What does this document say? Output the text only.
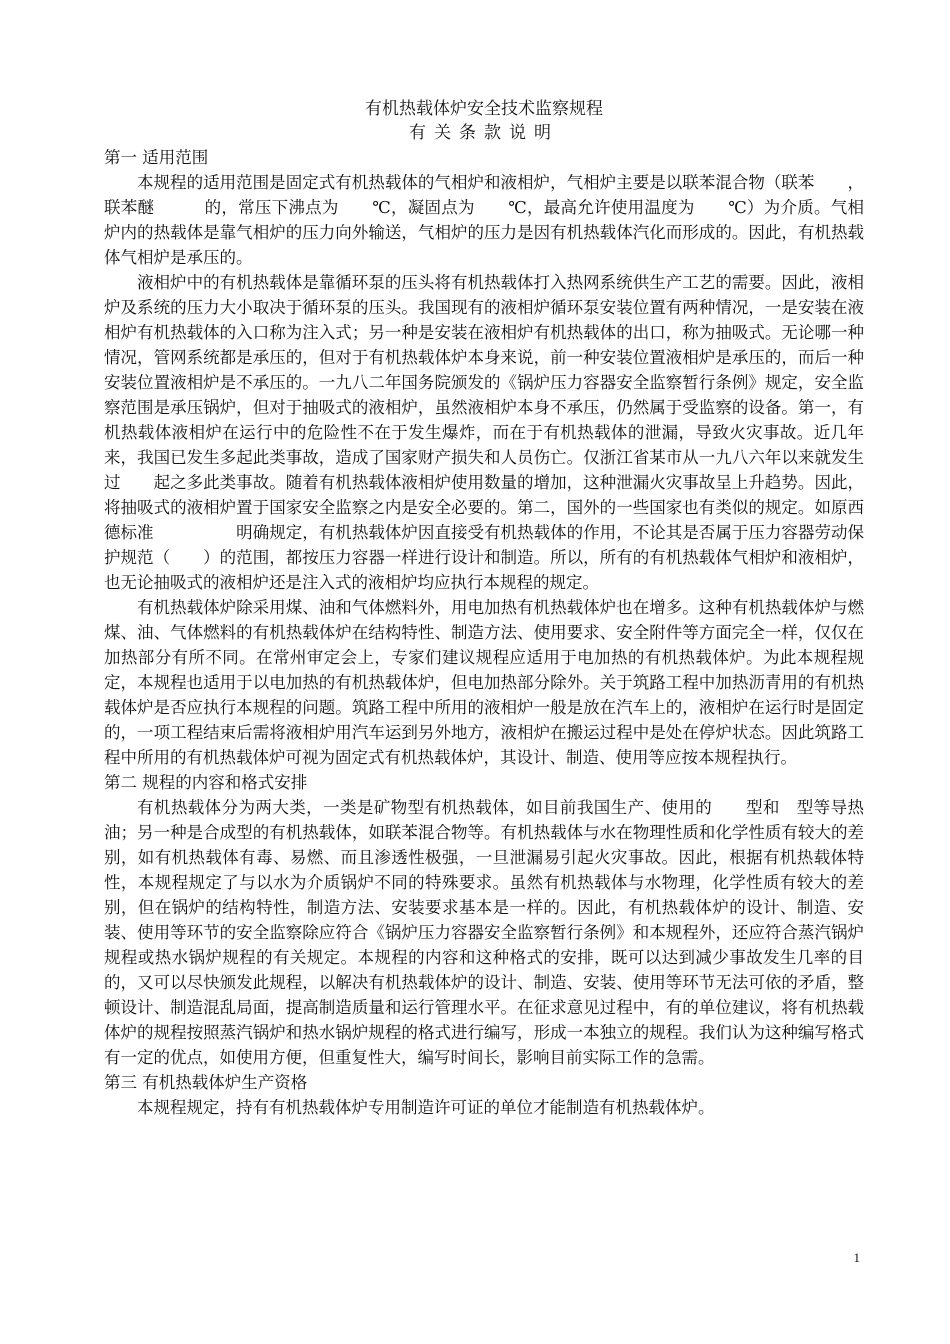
有机热载体炉安全技术监察规程
有关条款说明
第一 适用范围

本规程的适用范围是固定式有机热载体的气相炉和液相炉，气相炉主要是以联苯混合物（联苯　　，联苯醚　　　的，常压下沸点为　　℃，凝固点为　　℃，最高允许使用温度为　　℃）为介质。气相炉内的热载体是靠气相炉的压力向外输送，气相炉的压力是因有机热载体汽化而形成的。因此，有机热载体气相炉是承压的。

液相炉中的有机热载体是靠循环泵的压头将有机热载体打入热网系统供生产工艺的需要。因此，液相炉及系统的压力大小取决于循环泵的压头。我国现有的液相炉循环泵安装位置有两种情况，一是安装在液相炉有机热载体的入口称为注入式；另一种是安装在液相炉有机热载体的出口，称为抽吸式。无论哪一种情况，管网系统都是承压的，但对于有机热载体炉本身来说，前一种安装位置液相炉是承压的，而后一种安装位置液相炉是不承压的。一九八二年国务院颁发的《锅炉压力容器安全监察暂行条例》规定，安全监察范围是承压锅炉，但对于抽吸式的液相炉，虽然液相炉本身不承压，仍然属于受监察的设备。第一，有机热载体液相炉在运行中的危险性不在于发生爆炸，而在于有机热载体的泄漏，导致火灾事故。近几年来，我国已发生多起此类事故，造成了国家财产损失和人员伤亡。仅浙江省某市从一九八六年以来就发生过　　起之多此类事故。随着有机热载体液相炉使用数量的增加，这种泄漏火灾事故呈上升趋势。因此，将抽吸式的液相炉置于国家安全监察之内是安全必要的。第二，国外的一些国家也有类似的规定。如原西德标准　　　　　明确规定，有机热载体炉因直接受有机热载体的作用，不论其是否属于压力容器劳动保护规范（　　）的范围，都按压力容器一样进行设计和制造。所以，所有的有机热载体气相炉和液相炉，也无论抽吸式的液相炉还是注入式的液相炉均应执行本规程的规定。

有机热载体炉除采用煤、油和气体燃料外，用电加热有机热载体炉也在增多。这种有机热载体炉与燃煤、油、气体燃料的有机热载体炉在结构特性、制造方法、使用要求、安全附件等方面完全一样，仅仅在加热部分有所不同。在常州审定会上，专家们建议规程应适用于电加热的有机热载体炉。为此本规程规定，本规程也适用于以电加热的有机热载体炉，但电加热部分除外。关于筑路工程中加热沥青用的有机热载体炉是否应执行本规程的问题。筑路工程中所用的液相炉一般是放在汽车上的，液相炉在运行时是固定的，一项工程结束后需将液相炉用汽车运到另外地方，液相炉在搬运过程中是处在停炉状态。因此筑路工程中所用的有机热载体炉可视为固定式有机热载体炉，其设计、制造、使用等应按本规程执行。

第二 规程的内容和格式安排

有机热载体分为两大类，一类是矿物型有机热载体，如目前我国生产、使用的　　型和　型等导热油；另一种是合成型的有机热载体，如联苯混合物等。有机热载体与水在物理性质和化学性质有较大的差别，如有机热载体有毒、易燃、而且渗透性极强，一旦泄漏易引起火灾事故。因此，根据有机热载体特性，本规程规定了与以水为介质锅炉不同的特殊要求。虽然有机热载体与水物理，化学性质有较大的差别，但在锅炉的结构特性，制造方法、安装要求基本是一样的。因此，有机热载体炉的设计、制造、安装、使用等环节的安全监察除应符合《锅炉压力容器安全监察暂行条例》和本规程外，还应符合蒸汽锅炉规程或热水锅炉规程的有关规定。本规程的内容和这种格式的安排，既可以达到减少事故发生几率的目的，又可以尽快颁发此规程，以解决有机热载体炉的设计、制造、安装、使用等环节无法可依的矛盾，整顿设计、制造混乱局面，提高制造质量和运行管理水平。在征求意见过程中，有的单位建议，将有机热载体炉的规程按照蒸汽锅炉和热水锅炉规程的格式进行编写，形成一本独立的规程。我们认为这种编写格式有一定的优点，如使用方便，但重复性大，编写时间长，影响目前实际工作的急需。

第三 有机热载体炉生产资格

本规程规定，持有有机热载体炉专用制造许可证的单位才能制造有机热载体炉。

1
